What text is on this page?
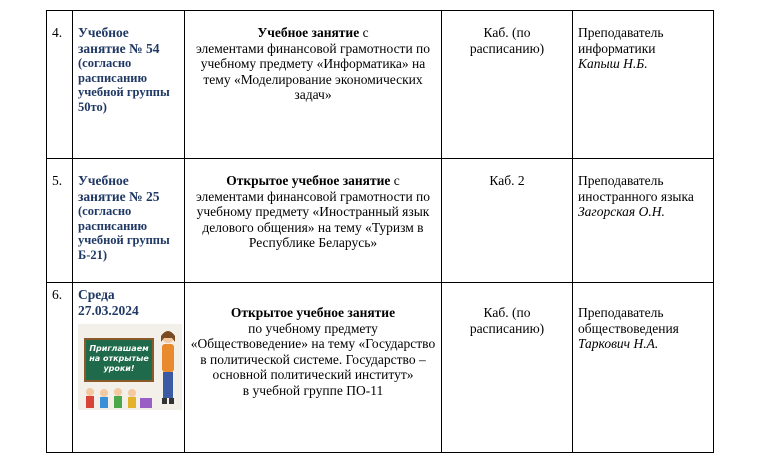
4.	Учебное занятие № 54
(согласно расписанию учебной группы 50то)	Учебное занятие с
элементами финансовой грамотности по учебному предмету «Информатика» на тему «Моделирование экономических задач»	Каб. (по расписанию)	Преподаватель информатики
Капыш Н.Б.

5.	Учебное занятие № 25
(согласно расписанию учебной группы Б-21)	Открытое учебное занятие с
элементами финансовой грамотности по учебному предмету «Иностранный язык делового общения» на тему «Туризм в Республике Беларусь»	Каб. 2	Преподаватель иностранного языка
Загорская О.Н.

6.	Среда
27.03.2024
Приглашаем
на открытые
уроки!	Открытое учебное занятие
по учебному предмету «Обществоведение» на тему «Государство в политической системе. Государство – основной политический институт»
в учебной группе ПО-11	Каб. (по расписанию)	Преподаватель обществоведения
Таркович Н.А.
